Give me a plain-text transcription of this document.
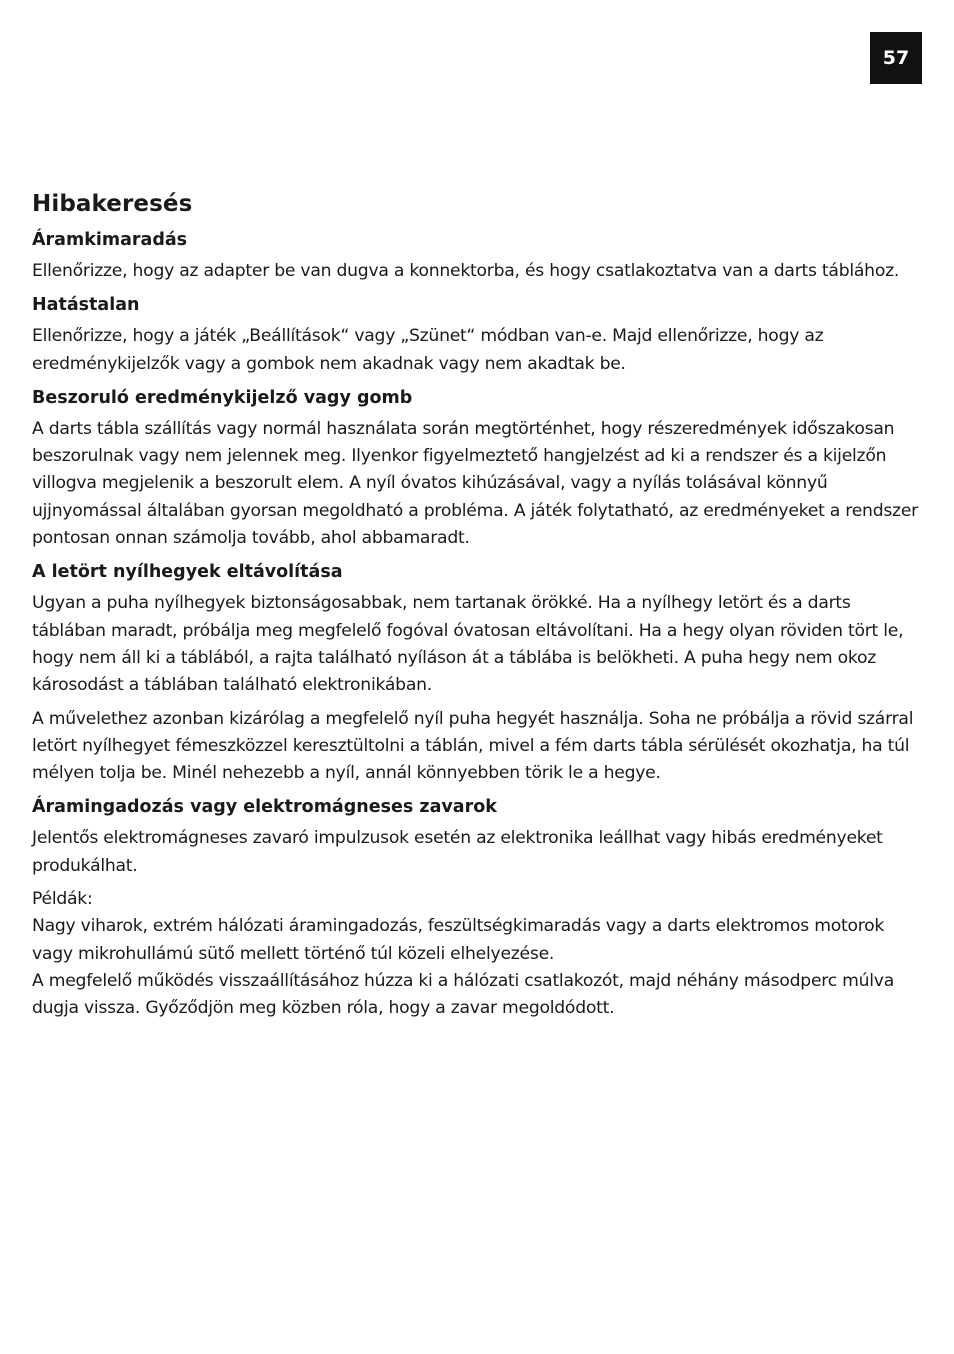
57
Hibakeresés
Áramkimaradás

Ellenőrizze, hogy az adapter be van dugva a konnektorba, és hogy csatlakoztatva van a darts táblához.

Hatástalan

Ellenőrizze, hogy a játék „Beállítások“ vagy „Szünet“ módban van-e. Majd ellenőrizze, hogy az eredménykijelzők vagy a gombok nem akadnak vagy nem akadtak be.

Beszoruló eredménykijelző vagy gomb

A darts tábla szállítás vagy normál használata során megtörténhet, hogy részeredmények időszakosan beszorulnak vagy nem jelennek meg. Ilyenkor figyelmeztető hangjelzést ad ki a rendszer és a kijelzőn villogva megjelenik a beszorult elem. A nyíl óvatos kihúzásával, vagy a nyílás tolásával könnyű ujjnyomással általában gyorsan megoldható a probléma. A játék folytatható, az eredményeket a rendszer pontosan onnan számolja tovább, ahol abbamaradt.

A letört nyílhegyek eltávolítása

Ugyan a puha nyílhegyek biztonságosabbak, nem tartanak örökké. Ha a nyílhegy letört és a darts táblában maradt, próbálja meg megfelelő fogóval óvatosan eltávolítani. Ha a hegy olyan röviden tört le, hogy nem áll ki a táblából, a rajta található nyíláson át a táblába is belökheti. A puha hegy nem okoz károsodást a táblában található elektronikában.

A művelethez azonban kizárólag a megfelelő nyíl puha hegyét használja. Soha ne próbálja a rövid szárral letört nyílhegyet fémeszközzel keresztültolni a táblán, mivel a fém darts tábla sérülését okozhatja, ha túl mélyen tolja be. Minél nehezebb a nyíl, annál könnyebben törik le a hegye.

Áramingadozás vagy elektromágneses zavarok

Jelentős elektromágneses zavaró impulzusok esetén az elektronika leállhat vagy hibás eredményeket produkálhat.

Példák:

Nagy viharok, extrém hálózati áramingadozás, feszültségkimaradás vagy a darts elektromos motorok vagy mikrohullámú sütő mellett történő túl közeli elhelyezése.

A megfelelő működés visszaállításához húzza ki a hálózati csatlakozót, majd néhány másodperc múlva dugja vissza. Győződjön meg közben róla, hogy a zavar megoldódott.
